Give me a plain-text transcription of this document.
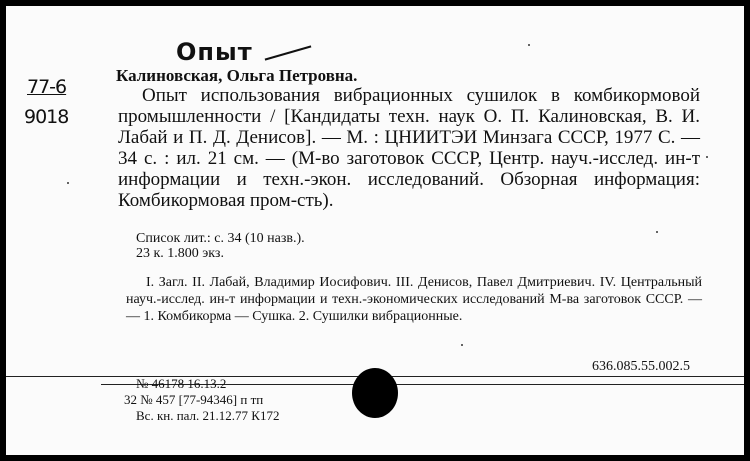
77-6
9018
Опыт
Калиновская, Ольга Петровна.

Опыт использования вибрационных сушилок в комбикормовой промышленности / [Кандидаты техн. наук О. П. Калиновская, В. И. Лабай и П. Д. Денисов]. — М. : ЦНИИТЭИ Минзага СССР, 1977 С. — 34 с. : ил. 21 см. — (М-во заготовок СССР, Центр. науч.-исслед. ин-т информации и техн.-экон. исследований. Обзорная информация: Комбикормовая пром-сть).

Список лит.: с. 34 (10 назв.).
23 к. 1.800 экз.

I. Загл. II. Лабай, Владимир Иосифович. III. Денисов, Павел Дмитриевич. IV. Центральный науч.-исслед. ин-т информации и техн.-экономических исследований М-ва заготовок СССР. — — 1. Комбикорма — Сушка. 2. Сушилки вибрационные.

636.085.55.002.5
№ 46178 16.13.2
32 № 457 [77-94346] п тп
Вс. кн. пал. 21.12.77 К172
